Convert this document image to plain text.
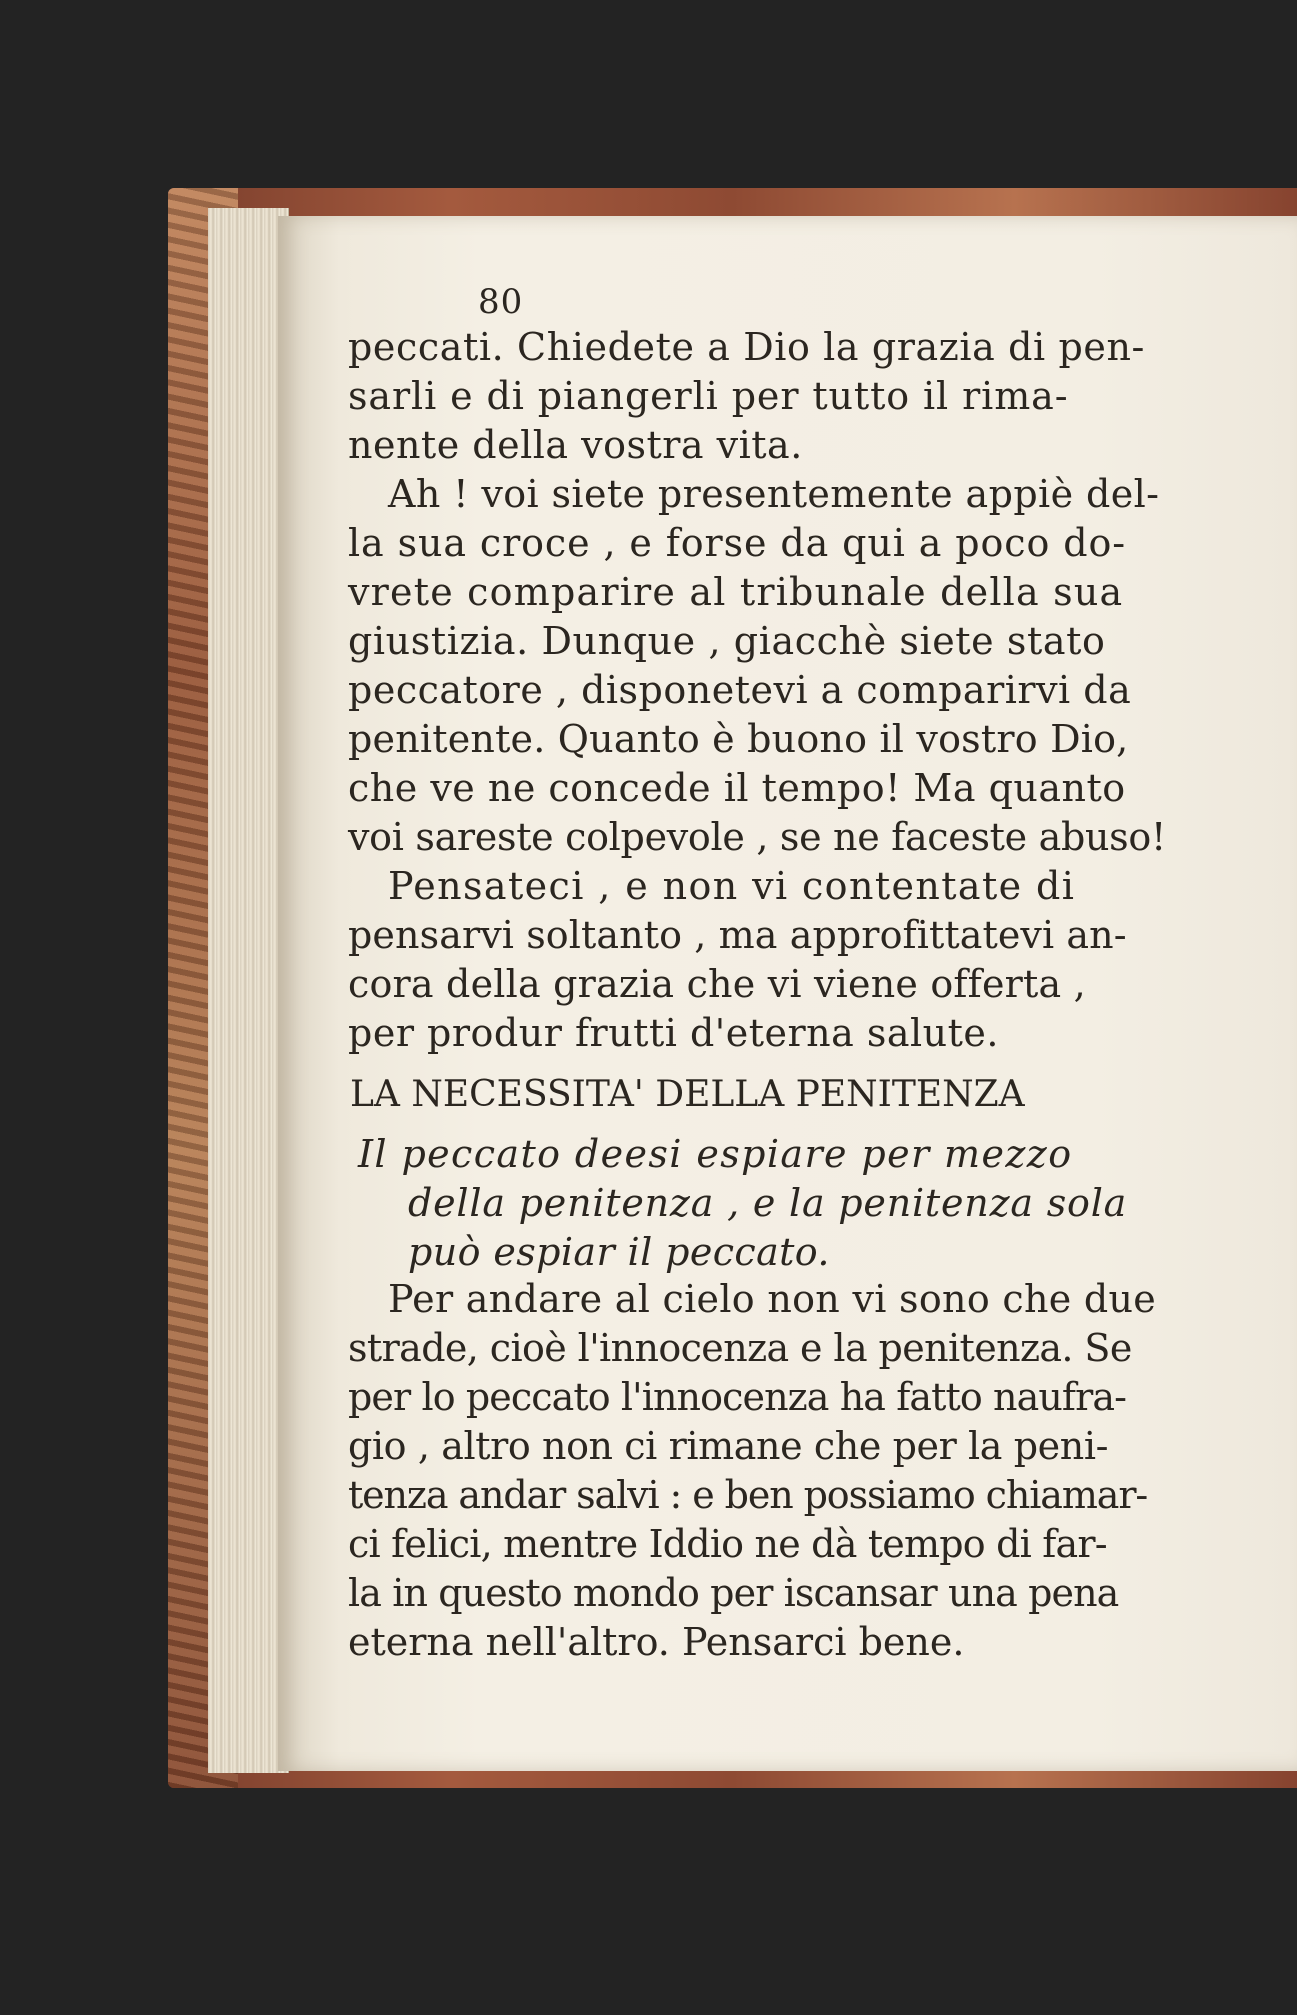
80
peccati. Chiedete a Dio la grazia di pen-
sarli e di piangerli per tutto il rima-
nente della vostra vita.
Ah ! voi siete presentemente appiè del-
la sua croce , e forse da qui a poco do-
vrete comparire al tribunale della sua
giustizia. Dunque , giacchè siete stato
peccatore , disponetevi a comparirvi da
penitente. Quanto è buono il vostro Dio,
che ve ne concede il tempo! Ma quanto
voi sareste colpevole , se ne faceste abuso!
Pensateci , e non vi contentate di
pensarvi soltanto , ma approfittatevi an-
cora della grazia che vi viene offerta ,
per produr frutti d'eterna salute.
LA NECESSITA' DELLA PENITENZA
Il peccato deesi espiare per mezzo
della penitenza , e la penitenza sola
può espiar il peccato.
Per andare al cielo non vi sono che due
strade, cioè l'innocenza e la penitenza. Se
per lo peccato l'innocenza ha fatto naufra-
gio , altro non ci rimane che per la peni-
tenza andar salvi : e ben possiamo chiamar-
ci felici, mentre Iddio ne dà tempo di far-
la in questo mondo per iscansar una pena
eterna nell'altro. Pensarci bene.
